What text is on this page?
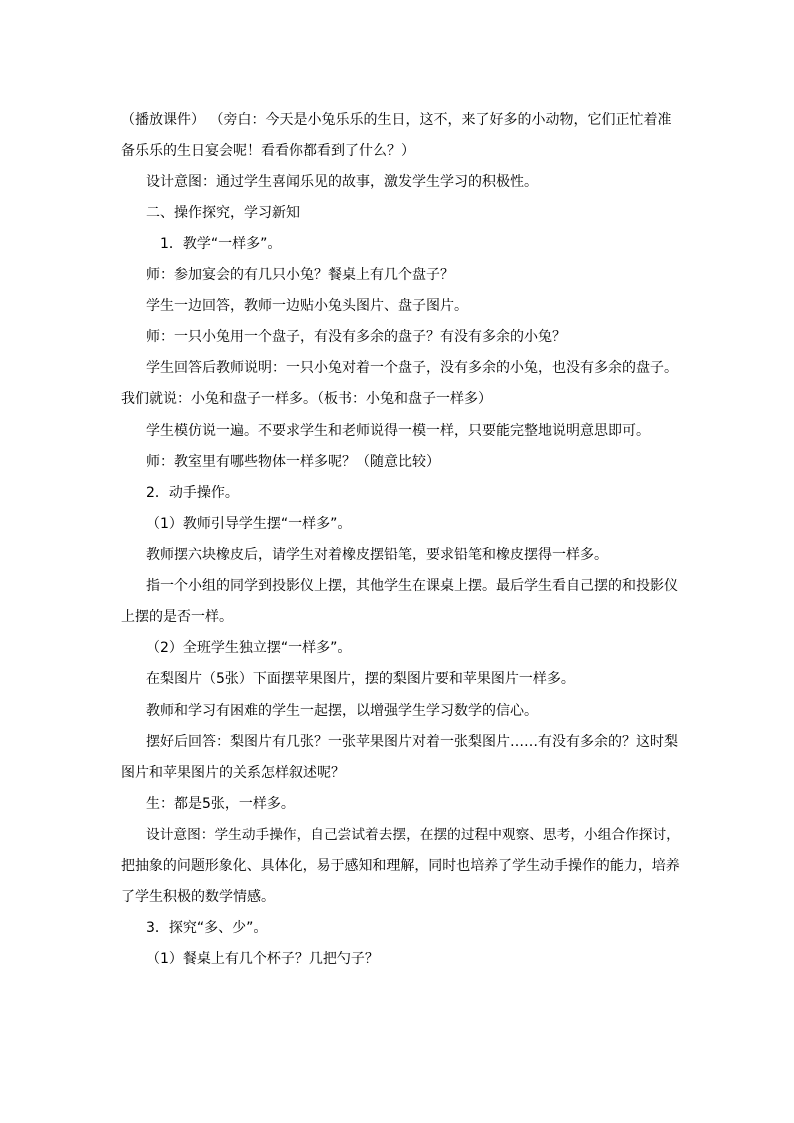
（播放课件） （旁白：今天是小兔乐乐的生日，这不，来了好多的小动物，它们正忙着准
备乐乐的生日宴会呢！看看你都看到了什么？）
设计意图：通过学生喜闻乐见的故事，激发学生学习的积极性。
二、操作探究，学习新知
1．教学“一样多”。
师：参加宴会的有几只小兔？餐桌上有几个盘子？
学生一边回答，教师一边贴小兔头图片、盘子图片。
师：一只小兔用一个盘子，有没有多余的盘子？有没有多余的小兔？
学生回答后教师说明：一只小兔对着一个盘子，没有多余的小兔，也没有多余的盘子。
我们就说：小兔和盘子一样多。（板书：小兔和盘子一样多）
学生模仿说一遍。不要求学生和老师说得一模一样，只要能完整地说明意思即可。
师：教室里有哪些物体一样多呢？（随意比较）
2．动手操作。
（1）教师引导学生摆“一样多”。
教师摆六块橡皮后，请学生对着橡皮摆铅笔，要求铅笔和橡皮摆得一样多。
指一个小组的同学到投影仪上摆，其他学生在课桌上摆。最后学生看自己摆的和投影仪
上摆的是否一样。
（2）全班学生独立摆“一样多”。
在梨图片（5张）下面摆苹果图片，摆的梨图片要和苹果图片一样多。
教师和学习有困难的学生一起摆，以增强学生学习数学的信心。
摆好后回答：梨图片有几张？一张苹果图片对着一张梨图片……有没有多余的？这时梨
图片和苹果图片的关系怎样叙述呢？
生：都是5张，一样多。
设计意图：学生动手操作，自己尝试着去摆，在摆的过程中观察、思考，小组合作探讨，
把抽象的问题形象化、具体化，易于感知和理解，同时也培养了学生动手操作的能力，培养
了学生积极的数学情感。
3．探究“多、少”。
（1）餐桌上有几个杯子？几把勺子？
